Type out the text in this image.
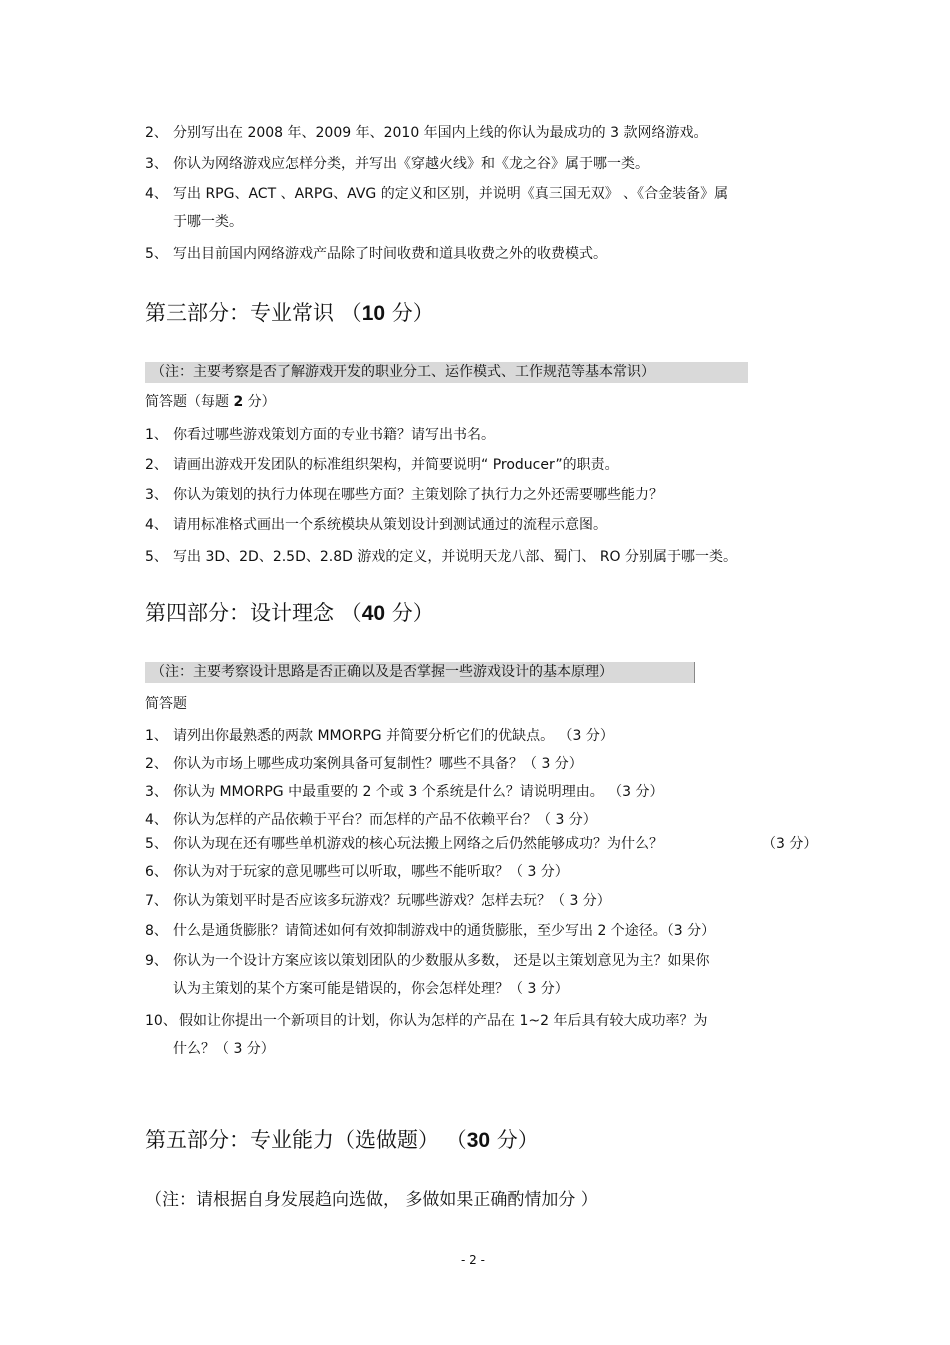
2、 分别写出在 2008 年、2009 年、2010 年国内上线的你认为最成功的 3 款网络游戏。
3、 你认为网络游戏应怎样分类，并写出《穿越火线》和《龙之谷》属于哪一类。
4、 写出 RPG、ACT 、ARPG、AVG 的定义和区别，并说明《真三国无双》 、《合金装备》属
于哪一类。
5、 写出目前国内网络游戏产品除了时间收费和道具收费之外的收费模式。
第三部分：专业常识 （10 分）
（注：主要考察是否了解游戏开发的职业分工、运作模式、工作规范等基本常识）
简答题（每题 2 分）
1、 你看过哪些游戏策划方面的专业书籍？请写出书名。
2、 请画出游戏开发团队的标准组织架构，并简要说明“ Producer”的职责。
3、 你认为策划的执行力体现在哪些方面？主策划除了执行力之外还需要哪些能力？
4、 请用标准格式画出一个系统模块从策划设计到测试通过的流程示意图。
5、 写出 3D、2D、2.5D、2.8D 游戏的定义，并说明天龙八部、蜀门、 RO 分别属于哪一类。
第四部分：设计理念 （40 分）
（注：主要考察设计思路是否正确以及是否掌握一些游戏设计的基本原理）
简答题
1、 请列出你最熟悉的两款 MMORPG 并简要分析它们的优缺点。 （3 分）
2、 你认为市场上哪些成功案例具备可复制性？哪些不具备？（ 3 分）
3、 你认为 MMORPG 中最重要的 2 个或 3 个系统是什么？请说明理由。 （3 分）
4、 你认为怎样的产品依赖于平台？而怎样的产品不依赖平台？（ 3 分）
5、 你认为现在还有哪些单机游戏的核心玩法搬上网络之后仍然能够成功？为什么？	（3 分）
6、 你认为对于玩家的意见哪些可以听取，哪些不能听取？（ 3 分）
7、 你认为策划平时是否应该多玩游戏？玩哪些游戏？怎样去玩？（ 3 分）
8、 什么是通货膨胀？请简述如何有效抑制游戏中的通货膨胀，至少写出 2 个途径。（3 分）
9、 你认为一个设计方案应该以策划团队的少数服从多数， 还是以主策划意见为主？如果你
认为主策划的某个方案可能是错误的，你会怎样处理？（ 3 分）
10、 假如让你提出一个新项目的计划，你认为怎样的产品在 1~2 年后具有较大成功率？为
什么？（ 3 分）
第五部分：专业能力（选做题） （30 分）
（注：请根据自身发展趋向选做， 多做如果正确酌情加分 ）
- 2 -
